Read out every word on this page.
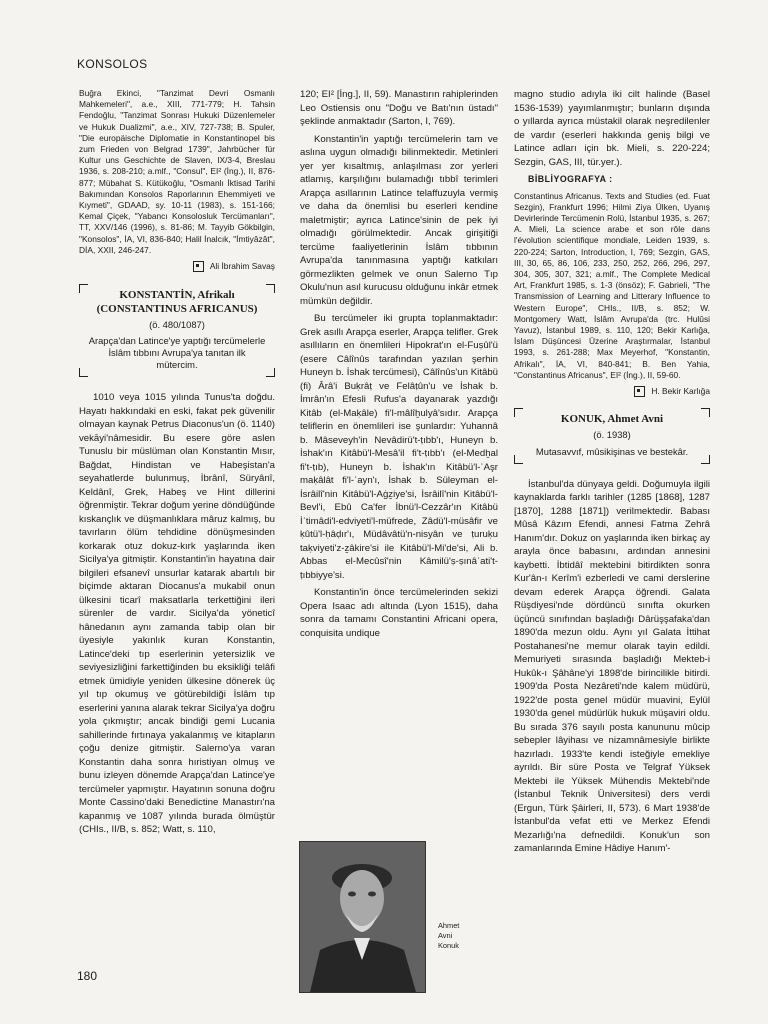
KONSOLOS

Buğra Ekinci, "Tanzimat Devri Osmanlı Mahkemeleri", a.e., XIII, 771-779; H. Tahsin Fendoğlu, "Tanzimat Sonrası Hukuki Düzenlemeler ve Hukuk Dualizmi", a.e., XIV, 727-738; B. Spuler, "Die europäische Diplomatie in Konstantinopel bis zum Frieden von Belgrad 1739", Jahrbücher für Kultur uns Geschichte de Slaven, IX/3-4, Breslau 1936, s. 208-210; a.mlf., "Consul", EI² (İng.), II, 876-877; Mübahat S. Kütükoğlu, "Osmanlı İktisad Tarihi Bakımından Konsolos Raporlarının Ehemmiyeti ve Kıymeti", GDAAD, sy. 10-11 (1983), s. 151-166; Kemal Çiçek, "Yabancı Konsolosluk Tercümanları", TT, XXV/146 (1996), s. 81-86; M. Tayyib Gökbilgin, "Konsolos", İA, VI, 836-840; Halil İnalcık, "İmtiyâzât", DİA, XXII, 246-247.

Ali İbrahim Savaş
KONSTANTİN, Afrikalı
(CONSTANTINUS AFRICANUS)
(ö. 480/1087)
Arapça'dan Latince'ye yaptığı tercümelerle İslâm tıbbını Avrupa'ya tanıtan ilk mütercim.

1010 veya 1015 yılında Tunus'ta doğdu. Hayatı hakkındaki en eski, fakat pek güvenilir olmayan kaynak Petrus Diaconus'un (ö. 1140) vekāyi'nâmesidir. Bu esere göre aslen Tunuslu bir müslüman olan Konstantin Mısır, Bağdat, Hindistan ve Habeşistan'a seyahatlerde bulunmuş, İbrânî, Süryânî, Keldânî, Grek, Habeş ve Hint dillerini öğrenmiştir. Tekrar doğum yerine döndüğünde kıskançlık ve düşmanlıklara mâruz kalmış, bu tavırların ölüm tehdidine dönüşmesinden korkarak otuz dokuz-kırk yaşlarında iken Sicilya'ya gitmiştir. Konstantin'in hayatına dair bilgileri efsanevî unsurlar katarak abartılı bir biçimde aktaran Diocanus'a mukabil onun ülkesini ticarî maksatlarla terkettiğini ileri sürenler de vardır. Sicilya'da yöneticî hânedanın aynı zamanda tabip olan bir üyesiyle yakınlık kuran Konstantin, Latince'deki tıp eserlerinin yetersizlik ve seviyesizliğini farkettiğinden bu eksikliği telâfi etmek ümidiyle yeniden ülkesine dönerek üç yıl tıp okumuş ve götürebildiği İslâm tıp eserlerini yanına alarak tekrar Sicilya'ya doğru yola çıkmıştır; ancak bindiği gemi Lucania sahillerinde fırtınaya yakalanmış ve kitapların çoğu denize gitmiştir. Salerno'ya varan Konstantin daha sonra hıristiyan olmuş ve bunu izleyen dönemde Arapça'dan Latince'ye tercümeler yapmıştır. Hayatının sonuna doğru Monte Cassino'daki Benedictine Manastırı'na kapanmış ve 1087 yılında burada ölmüştür (CHIs., II/B, s. 852; Watt, s. 110,

120; EI² [İng.], II, 59). Manastırın rahiplerinden Leo Ostiensis onu "Doğu ve Batı'nın üstadı" şeklinde anmaktadır (Sarton, I, 769).

Konstantin'in yaptığı tercümelerin tam ve aslına uygun olmadığı bilinmektedir. Metinleri yer yer kısaltmış, anlaşılması zor yerleri atlamış, karşılığını bulamadığı tıbbî terimleri Arapça asıllarının Latince telaffuzuyla vermiş ve daha da önemlisi bu eserleri kendine maletmiştir; ayrıca Latince'sinin de pek iyi olmadığı görülmektedir. Ancak girişitiği tercüme faaliyetlerinin İslâm tıbbının Avrupa'da tanınmasına yaptığı katkıları görmezlikten gelmek ve onun Salerno Tıp Okulu'nun asıl kurucusu olduğunu inkâr etmek mümkün değildir.

Bu tercümeler iki grupta toplanmaktadır: Grek asıllı Arapça eserler, Arapça telifler. Grek asıllıların en önemlileri Hipokrat'ın el-Fuṣûl'ü (esere Câlînûs tarafından yazılan şerhin Huneyn b. İshak tercümesi), Câlînûs'un Kitâbü (fi) Ârâ'i Buḳrâṭ ve Felâṭûn'u ve İshak b. İmrân'ın Efesli Rufus'a dayanarak yazdığı Kitâb (el-Maḳâle) fi'l-mâlîḫulyâ'sıdır. Arapça teliflerin en önemlileri ise şunlardır: Yuhannâ b. Mâseveyh'in Nevâdirü't-ṭıbb'ı, Huneyn b. İshak'ın Kitâbü'l-Mesâ'il fi't-ṭıbb'ı (el-Medḫal fi't-ṭıb), Huneyn b. İshak'ın Kitâbü'l-ʿAşr maḳâlât fi'l-ʿayn'ı, İshak b. Süleyman el-İsrâilî'nin Kitâbü'l-Aġẕiye'si, İsrâilî'nin Kitâbü'l-Bevl'i, Ebû Ca'fer İbnü'l-Cezzâr'ın Kitâbü İʿtimâdi'l-edviyeti'l-müfrede, Zâdü'l-müsâfir ve ḳûtü'l-ḥâḍır'ı, Müdâvâtü'n-nisyân ve ṭuruḳu taḳviyeti'z-ẕâkire'si ile Kitâbü'l-Mi'de'si, Ali b. Abbas el-Mecûsî'nin Kâmilü'ṣ-ṣınâʿati't-ṭıbbiyye'si.

Konstantin'in önce tercümelerinden sekizi Opera Isaac adı altında (Lyon 1515), daha sonra da tamamı Constantini Africani opera, conquisita undique

Ahmet
Avni
Konuk

magno studio adıyla iki cilt halinde (Basel 1536-1539) yayımlanmıştır; bunların dışında o yıllarda ayrıca müstakil olarak neşredilenler de vardır (eserleri hakkında geniş bilgi ve Latince adları için bk. Mieli, s. 220-224; Sezgin, GAS, III, tür.yer.).

BİBLİYOGRAFYA :

Constantinus Africanus. Texts and Studies (ed. Fuat Sezgin), Frankfurt 1996; Hilmi Ziya Ülken, Uyanış Devirlerinde Tercümenin Rolü, İstanbul 1935, s. 267; A. Mieli, La science arabe et son rôle dans l'évolution scientifique mondiale, Leiden 1939, s. 220-224; Sarton, Introduction, I, 769; Sezgin, GAS, III, 30, 65, 86, 106, 233, 250, 252, 266, 296, 297, 304, 305, 307, 321; a.mlf., The Complete Medical Art, Frankfurt 1985, s. 1-3 (önsöz); F. Gabrieli, "The Transmission of Learning and Litterary Influence to Western Europe", CHIs., II/B, s. 852; W. Montgomery Watt, İslâm Avrupa'da (trc. Hulûsi Yavuz), İstanbul 1989, s. 110, 120; Bekir Karlığa, İslam Düşüncesi Üzerine Araştırmalar, İstanbul 1993, s. 261-288; Max Meyerhof, "Konstantin, Afrikalı", İA, VI, 840-841; B. Ben Yahia, "Constantinus Africanus", EI² (İng.), II, 59-60.

H. Bekir Karlığa
KONUK, Ahmet Avni
(ö. 1938)
Mutasavvıf, mûsikişinas ve bestekâr.

İstanbul'da dünyaya geldi. Doğumuyla ilgili kaynaklarda farklı tarihler (1285 [1868], 1287 [1870], 1288 [1871]) verilmektedir. Babası Mûsâ Kâzım Efendi, annesi Fatma Zehrâ Hanım'dır. Dokuz on yaşlarında iken birkaç ay arayla önce babasını, ardından annesini kaybetti. İbtidâî mektebini bitirdikten sonra Kur'ân-ı Kerîm'i ezberledi ve cami derslerine devam ederek Arapça öğrendi. Galata Rüşdiyesi'nde dördüncü sınıfta okurken üçüncü sınıfından başladığı Dârüşşafaka'dan 1890'da mezun oldu. Aynı yıl Galata İttihat Postahanesi'ne memur olarak tayin edildi. Memuriyeti sırasında başladığı Mekteb-i Hukûk-ı Şâhâne'yi 1898'de birincilikle bitirdi. 1909'da Posta Nezâreti'nde kalem müdürü, 1922'de posta genel müdür muavini, Eylül 1930'da genel müdürlük hukuk müşaviri oldu. Bu sırada 376 sayılı posta kanununu mûcip sebepler lâyihası ve nizamnâmesiyle birlikte hazırladı. 1933'te kendi isteğiyle emekliye ayrıldı. Bir süre Posta ve Telgraf Yüksek Mektebi ile Yüksek Mühendis Mektebi'nde (İstanbul Teknik Üniversitesi) ders verdi (Ergun, Türk Şâirleri, II, 573). 6 Mart 1938'de İstanbul'da vefat etti ve Merkez Efendi Mezarlığı'na defnedildi. Konuk'un son zamanlarında Emine Hâdiye Hanım'-

180
